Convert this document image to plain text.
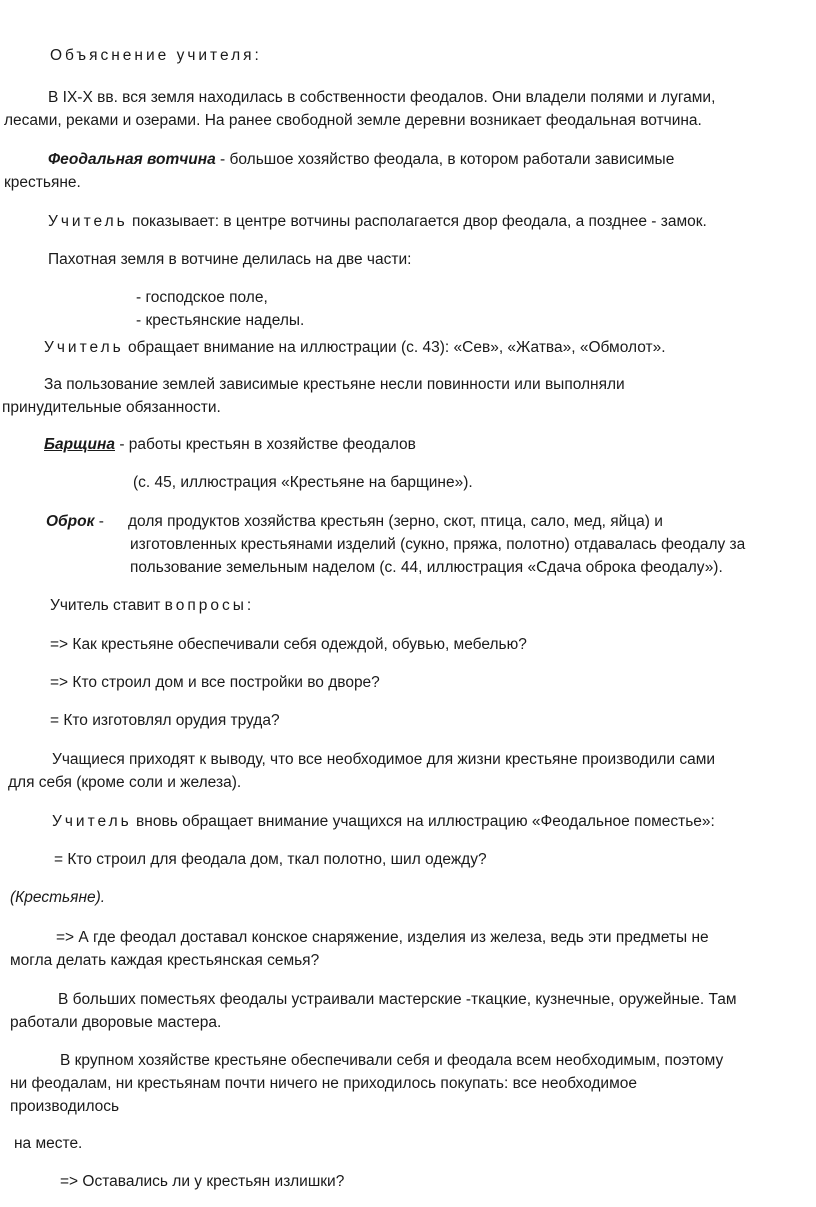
Объяснение учителя:

В IX-X вв. вся земля находилась в собственности феодалов. Они владели полями и лугами,

лесами, реками и озерами. На ранее свободной земле деревни возникает феодальная вотчина.

Феодальная вотчина - большое хозяйство феодала, в котором работали зависимые

крестьяне.

Учитель показывает: в центре вотчины располагается двор феодала, а позднее - замок.

Пахотная земля в вотчине делилась на две части:

- господское поле,

- крестьянские наделы.

Учитель обращает внимание на иллюстрации (с. 43): «Сев», «Жатва», «Обмолот».

За пользование землей зависимые крестьяне несли повинности или выполняли

принудительные обязанности.

Барщина - работы крестьян в хозяйстве феодалов

(с. 45, иллюстрация «Крестьяне на барщине»).

Оброк - доля продуктов хозяйства крестьян (зерно, скот, птица, сало, мед, яйца) и

изготовленных крестьянами изделий (сукно, пряжа, полотно) отдавалась феодалу за

пользование земельным наделом (с. 44, иллюстрация «Сдача оброка феодалу»).

Учитель ставит вопросы:

=> Как крестьяне обеспечивали себя одеждой, обувью, мебелью?

=> Кто строил дом и все постройки во дворе?

= Кто изготовлял орудия труда?

Учащиеся приходят к выводу, что все необходимое для жизни крестьяне производили сами

для себя (кроме соли и железа).

Учитель вновь обращает внимание учащихся на иллюстрацию «Феодальное поместье»:

= Кто строил для феодала дом, ткал полотно, шил одежду?

(Крестьяне).

=> А где феодал доставал конское снаряжение, изделия из железа, ведь эти предметы не

могла делать каждая крестьянская семья?

В больших поместьях феодалы устраивали мастерские -ткацкие, кузнечные, оружейные. Там

работали дворовые мастера.

В крупном хозяйстве крестьяне обеспечивали себя и феодала всем необходимым, поэтому

ни феодалам, ни крестьянам почти ничего не приходилось покупать: все необходимое

производилось

на месте.

=> Оставались ли у крестьян излишки?
